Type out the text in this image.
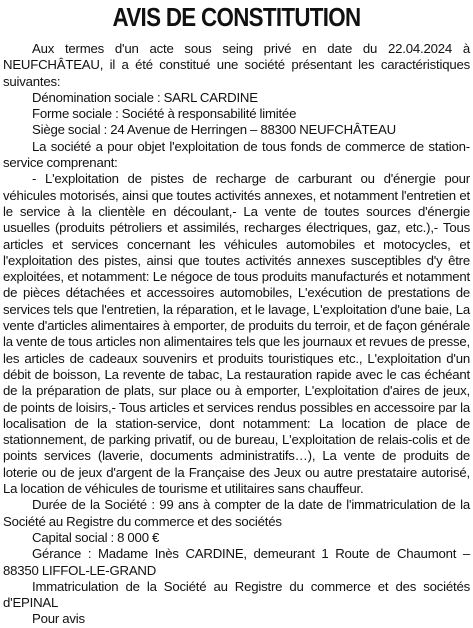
AVIS DE CONSTITUTION

Aux termes d'un acte sous seing privé en date du 22.04.2024 à NEUFCHÂTEAU, il a été constitué une société présentant les caractéristiques suivantes:

Dénomination sociale : SARL CARDINE

Forme sociale : Société à responsabilité limitée

Siège social : 24 Avenue de Herringen – 88300 NEUFCHÂTEAU

La société a pour objet l'exploitation de tous fonds de commerce de station-service comprenant:

- L'exploitation de pistes de recharge de carburant ou d'énergie pour véhicules motorisés, ainsi que toutes activités annexes, et notamment l'entretien et le service à la clientèle en découlant,- La vente de toutes sources d'énergie usuelles (produits pétroliers et assimilés, recharges électriques, gaz, etc.),- Tous articles et services concernant les véhicules automobiles et motocycles, et l'exploitation des pistes, ainsi que toutes activités annexes susceptibles d'y être exploitées, et notamment: Le négoce de tous produits manufacturés et notamment de pièces détachées et accessoires automobiles, L'exécution de prestations de services tels que l'entretien, la réparation, et le lavage, L'exploitation d'une baie, La vente d'articles alimentaires à emporter, de produits du terroir, et de façon générale la vente de tous articles non alimentaires tels que les journaux et revues de presse, les articles de cadeaux souvenirs et produits touristiques etc., L'exploitation d'un débit de boisson, La revente de tabac, La restauration rapide avec le cas échéant de la préparation de plats, sur place ou à emporter, L'exploitation d'aires de jeux, de points de loisirs,- Tous articles et services rendus possibles en accessoire par la localisation de la station-service, dont notamment: La location de place de stationnement, de parking privatif, ou de bureau, L'exploitation de relais-colis et de points services (laverie, documents administratifs…), La vente de produits de loterie ou de jeux d'argent de la Française des Jeux ou autre prestataire autorisé, La location de véhicules de tourisme et utilitaires sans chauffeur.

Durée de la Société : 99 ans à compter de la date de l'immatriculation de la Société au Registre du commerce et des sociétés

Capital social : 8 000 €

Gérance : Madame Inès CARDINE, demeurant 1 Route de Chaumont – 88350 LIFFOL-LE-GRAND

Immatriculation de la Société au Registre du commerce et des sociétés d'EPINAL

Pour avis
